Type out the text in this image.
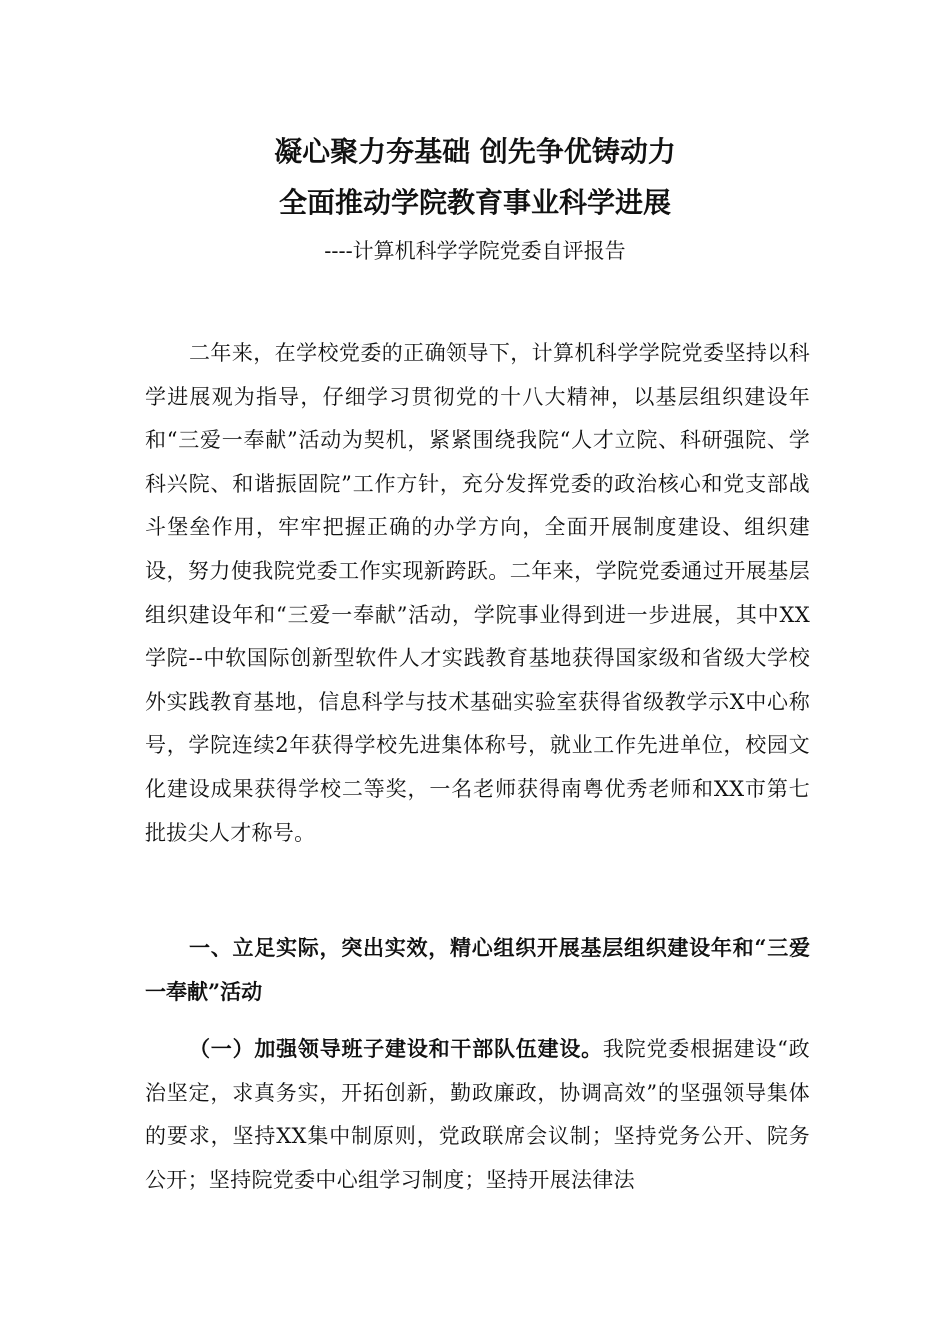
凝心聚力夯基础 创先争优铸动力
全面推动学院教育事业科学进展
----计算机科学学院党委自评报告
二年来，在学校党委的正确领导下，计算机科学学院党委坚持以科学进展观为指导，仔细学习贯彻党的十八大精神，以基层组织建设年和“三爱一奉献”活动为契机，紧紧围绕我院“人才立院、科研强院、学科兴院、和谐振固院”工作方针，充分发挥党委的政治核心和党支部战斗堡垒作用，牢牢把握正确的办学方向，全面开展制度建设、组织建设，努力使我院党委工作实现新跨跃。二年来，学院党委通过开展基层组织建设年和“三爱一奉献”活动，学院事业得到进一步进展，其中XX学院--中软国际创新型软件人才实践教育基地获得国家级和省级大学校外实践教育基地，信息科学与技术基础实验室获得省级教学示X中心称号，学院连续2年获得学校先进集体称号，就业工作先进单位，校园文化建设成果获得学校二等奖，一名老师获得南粤优秀老师和XX市第七批拔尖人才称号。
一、立足实际，突出实效，精心组织开展基层组织建设年和“三爱一奉献”活动
（一）加强领导班子建设和干部队伍建设。我院党委根据建设“政治坚定，求真务实，开拓创新，勤政廉政，协调高效”的坚强领导集体的要求，坚持XX集中制原则，党政联席会议制；坚持党务公开、院务公开；坚持院党委中心组学习制度；坚持开展法律法
